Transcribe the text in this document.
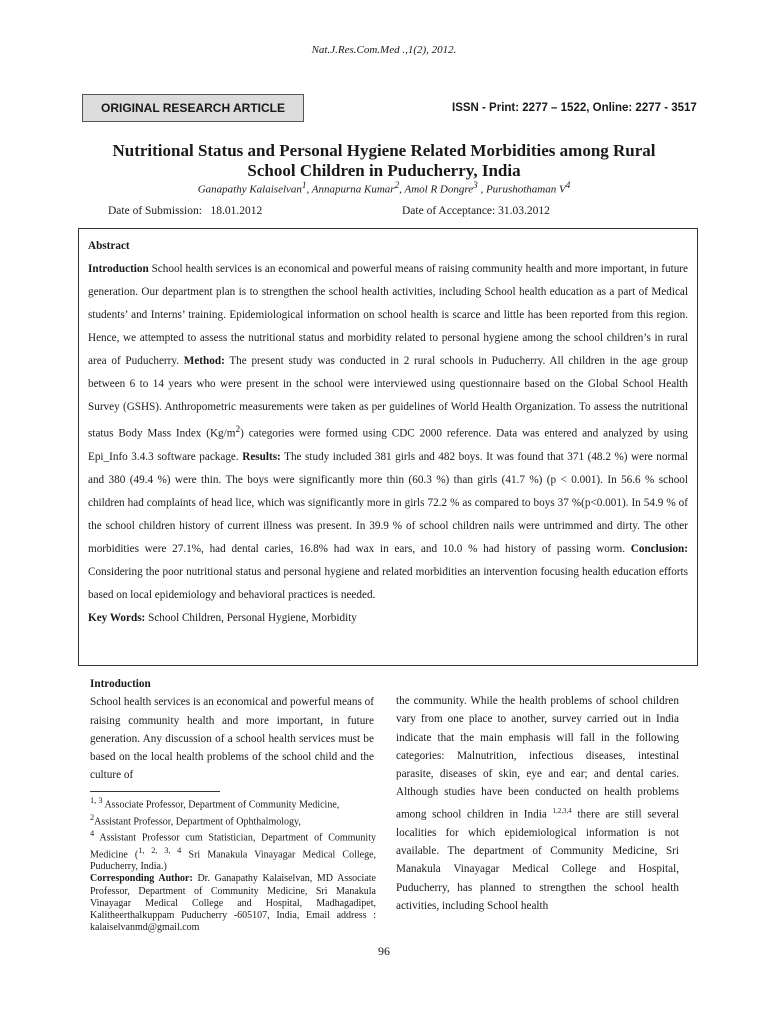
Nat.J.Res.Com.Med .,1(2), 2012.
ORIGINAL RESEARCH ARTICLE	ISSN - Print: 2277 – 1522, Online: 2277 - 3517
Nutritional Status and Personal Hygiene Related Morbidities among Rural
School Children in Puducherry, India
Ganapathy Kalaiselvan$^1$, Annapurna Kumar$^2$, Amol R Dongre$^3$ , Purushothaman $V^4$
Date of Submission: 18.01.2012	Date of Acceptance: 31.03.2012

Abstract

Introduction School health services is an economical and powerful means of raising community health and more important, in future generation. Our department plan is to strengthen the school health activities, including School health education as a part of Medical students’ and Interns’ training. Epidemiological information on school health is scarce and little has been reported from this region. Hence, we attempted to assess the nutritional status and morbidity related to personal hygiene among the school children’s in rural area of Puducherry. Method: The present study was conducted in 2 rural schools in Puducherry. All children in the age group between 6 to 14 years who were present in the school were interviewed using questionnaire based on the Global School Health Survey (GSHS). Anthropometric measurements were taken as per guidelines of World Health Organization. To assess the nutritional status Body Mass Index $(Kg/m^2)$ categories were formed using CDC 2000 reference. Data was entered and analyzed by using Epi_Info 3.4.3 software package. Results: The study included 381 girls and 482 boys. It was found that 371 (48.2 %) were normal and 380 (49.4 %) were thin. The boys were significantly more thin (60.3 %) than girls (41.7 %) (p < 0.001). In 56.6 % school children had complaints of head lice, which was significantly more in girls 72.2 % as compared to boys 37 %(p<0.001). In 54.9 % of the school children history of current illness was present. In 39.9 % of school children nails were untrimmed and dirty. The other morbidities were 27.1%, had dental caries, 16.8% had wax in ears, and 10.0 % had history of passing worm. Conclusion: Considering the poor nutritional status and personal hygiene and related morbidities an intervention focusing health education efforts based on local epidemiology and behavioral practices is needed.

Key Words: School Children, Personal Hygiene, Morbidity

Introduction

School health services is an economical and powerful means of raising community health and more important, in future generation. Any discussion of a school health services must be based on the local health problems of the school child and the culture of

the community. While the health problems of school children vary from one place to another, survey carried out in India indicate that the main emphasis will fall in the following categories: Malnutrition, infectious diseases, intestinal parasite, diseases of skin, eye and ear; and dental caries. Although studies have been conducted on health problems among school children in India $^{1,2,3,4}$ there are still several localities for which epidemiological information is not available. The department of Community Medicine, Sri Manakula Vinayagar Medical College and Hospital, Puducherry, has planned to strengthen the school health activities, including School health

$^{1, 3}$ Associate Professor, Department of Community Medicine,

$^2$Assistant Professor, Department of Ophthalmology,

$^4$ Assistant Professor cum Statistician, Department of Community Medicine ($^{1, 2, 3, 4}$ Sri Manakula Vinayagar Medical College, Puducherry, India.)

Corresponding Author: Dr. Ganapathy Kalaiselvan, MD Associate Professor, Department of Community Medicine, Sri Manakula Vinayagar Medical College and Hospital, Madhagadipet, Kalitheerthalkuppam Puducherry -605107, India, Email address : kalaiselvanmd@gmail.com

96
